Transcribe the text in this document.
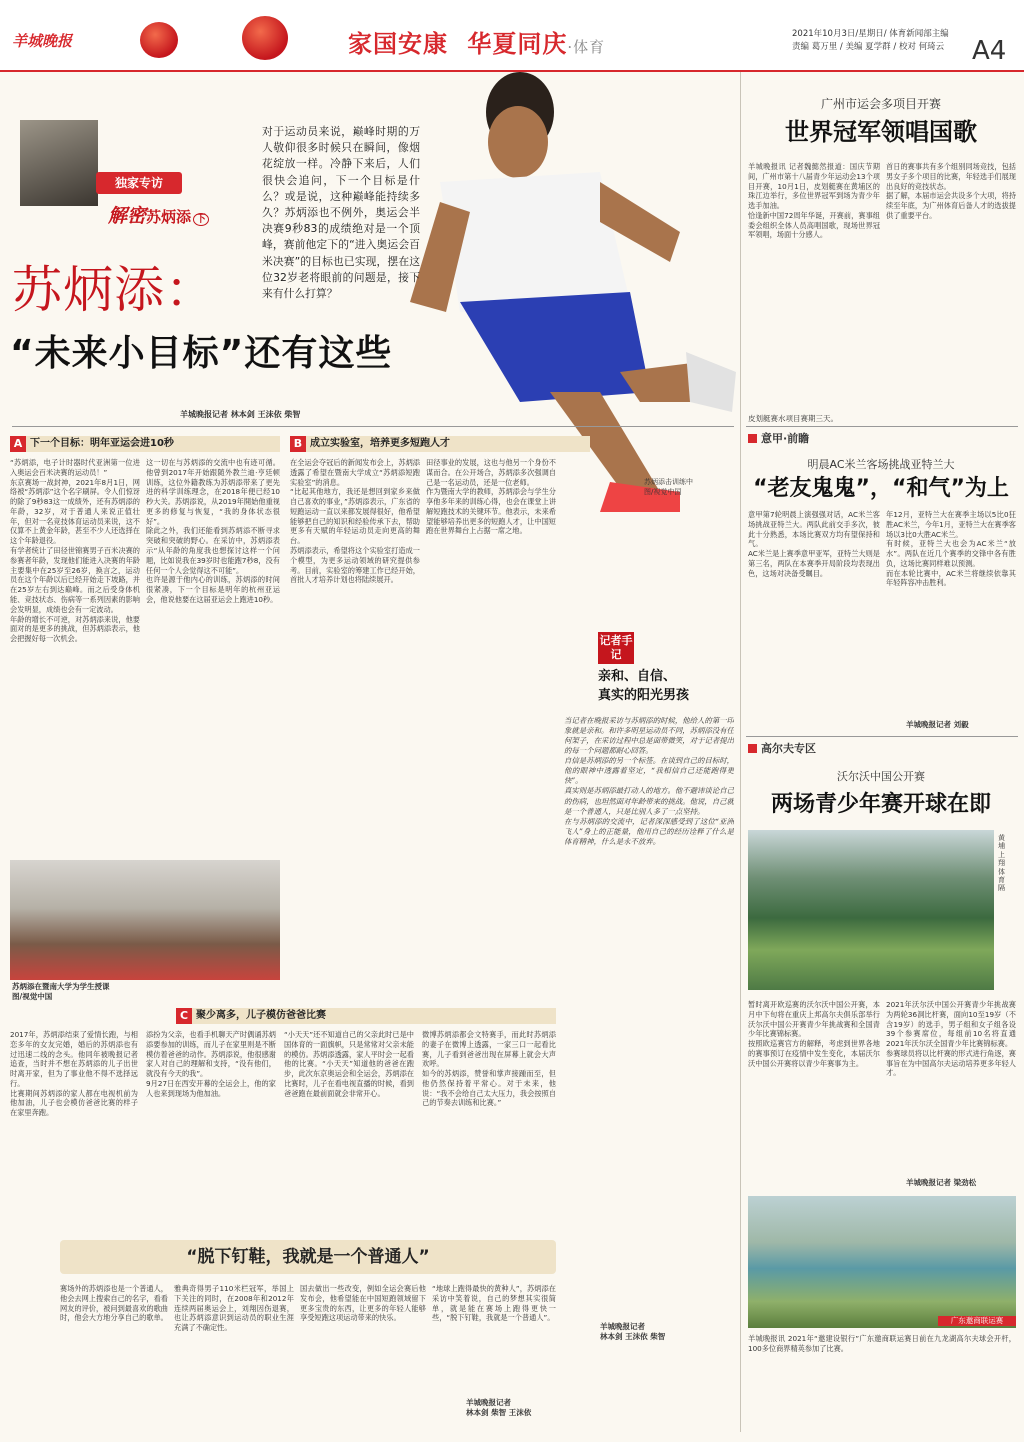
羊城晚报	家国安康 华夏同庆·体育
2021年10月3日/星期日/ 体育新闻部主编
责编 葛万里 / 美编 夏学群 / 校对 何琦云 A4
独家专访
解密苏炳添 下
对于运动员来说，巅峰时期的万人敬仰很多时候只在瞬间，像烟花绽放一样。冷静下来后，人们很快会追问，下一个目标是什么？或是说，这种巅峰能持续多久？苏炳添也不例外，奥运会半决赛9秒83的成绩绝对是一个顶峰，赛前他定下的“进入奥运会百米决赛”的目标也已实现，摆在这位32岁老将眼前的问题是，接下来有什么打算？
苏炳添：
“未来小目标”还有这些
苏炳添击训练中
图/视觉中国
羊城晚报记者 林本剑 王沫依 柴智
A 下一个目标：明年亚运会进10秒
“苏炳添，电子计时器时代亚洲第一位进入奥运会百米决赛的运动员！”
东京赛场一战封神，2021年8月1日，网络被“苏炳添”这个名字刷屏。令人们惊讶的除了9秒83这一成绩外，还有苏炳添的年龄，32岁，对于普通人来说正值壮年，但对一名竞技体育运动员来说，这不仅算不上黄金年龄，甚至不少人还选择在这个年龄退役。
有学者统计了田径世锦赛男子百米决赛的参赛者年龄，发现他们能进入决赛的年龄主要集中在25岁至26岁，换言之，运动员在这个年龄以后已经开始走下坡路，并在25岁左右到达巅峰。而之后受身体机能、竞技状态、伤病等一系列因素的影响会发明显，成绩也会有一定波动。
年龄的增长不可逆，对苏炳添来说，他要面对的是更多的挑战，但苏炳添表示，他会把握好每一次机会。
这一切在与苏炳添的交流中也有迹可循。他曾到2017年开始跟随外教兰迪·亨廷顿训练，这位外籍教练为苏炳添带来了更先进的科学训练理念，在2018年便已经10秒大关。苏炳添说，从2019年開始他重视更多的修复与恢复，“我的身体状态很好”。
除此之外，我们还能看到苏炳添不断寻求突破和突破的野心。在采访中，苏炳添表示“从年龄的角度我也想探讨这样一个问题，比如说我在39岁时也能跑7秒8，没有任何一个人会觉得这不可能”。
也许是源于他内心的训练，苏炳添的时间很紧凑，下一个目标是明年的杭州亚运会，他说他要在这届亚运会上跑进10秒。
苏炳添在暨南大学为学生授课
图/视觉中国
B 成立实验室，培养更多短跑人才
在全运会夺冠后的新闻发布会上，苏炳添透露了希望在暨南大学成立“苏炳添短跑实验室”的消息。
“比起其他地方，我还是想回到家乡来做自己喜欢的事业，”苏炳添表示，广东省的短跑运动一直以来都发展得很好，他希望能够把自己的知识和经验传承下去，帮助更多有天赋的年轻运动员走向更高的舞台。
苏炳添表示，希望将这个实验室打造成一个模型，为更多运动领域的研究提供参考。目前，实验室的筹建工作已经开始，首批人才培养计划也将陆续展开。
田径事业的发展，这也与他另一个身份不谋而合。在公开场合，苏炳添多次强调自己是一名运动员，还是一位老师。
作为暨南大学的教师，苏炳添会与学生分享他多年来的训练心得，也会在课堂上讲解短跑技术的关键环节。他表示，未来希望能够培养出更多的短跑人才，让中国短跑在世界舞台上占据一席之地。
记者手记
亲和、自信、
真实的阳光男孩
当记者在晚报采访与苏炳添的时候，他给人的第一印象就是亲和。和许多明星运动员不同，苏炳添没有任何架子，在采访过程中总是面带微笑，对于记者提出的每一个问题都耐心回答。
自信是苏炳添的另一个标签。在谈到自己的目标时，他的眼神中透露着坚定，“我相信自己还能跑得更快”。
真实则是苏炳添最打动人的地方。他不避讳谈论自己的伤病，也坦然面对年龄带来的挑战。他说，自己就是一个普通人，只是比别人多了一点坚持。
在与苏炳添的交流中，记者深深感受到了这位“亚洲飞人”身上的正能量，他用自己的经历诠释了什么是体育精神，什么是永不放弃。
羊城晚报记者
林本剑 王沫依 柴智
C 聚少离多，儿子模仿爸爸比赛
2017年，苏炳添结束了爱情长跑，与相恋多年的女友完婚，婚后的苏炳添也有过迅速二线的念头。他同年被晚报记者追查，当时并不想在苏炳添的儿子出世时离开家，但为了事业他不得不选择远行。
比赛期间苏炳添的家人都在电视机前为他加油，儿子也会模仿爸爸比赛的样子在家里奔跑。
添扮为父亲，也看手机聊天产时偶诵苏炳添要参加的训练，而儿子在家里则是不断模仿着爸爸的动作。苏炳添说，他很感谢家人对自己的理解和支持，“没有他们，就没有今天的我”。
9月27日在西安开幕的全运会上，他的家人也来到现场为他加油。
“小天天”还不知道自己的父亲此时已是中国体育的一面旗帜，只是常常对父亲未能的模仿。苏炳添透露，家人平时会一起看他的比赛。“小天天”知道他的爸爸在跑步，此次东京奥运会和全运会，苏炳添在比赛时，儿子在看电视直播的时候，看到爸爸跑在最前面就会非常开心。
微博苏炳添都会文特赛手，而此时苏炳添的妻子在微博上透露，一家三口一起看比赛，儿子看到爸爸出现在屏幕上就会大声欢呼。
如今的苏炳添，赞誉和掌声接踵而至，但他仍然保持着平常心。对于未来，他说：“我不会给自己太大压力，我会按照自己的节奏去训练和比赛。”
“脱下钉鞋，我就是一个普通人”
赛场外的苏炳添也是一个普通人，他会去网上搜索自己的名字，看看网友的评价，被问到最喜欢的歌曲时，他会大方地分享自己的歌单。
雅典奇得男子110米栏冠军，举国上下关注的同时，在2008年和2012年连续两届奥运会上，刘翔因伤退赛，也让苏炳添意识到运动员的职业生涯充满了不确定性。
国去做出一些改变，例如全运会赛后他发布会，他希望能在中国短跑领域留下更多宝贵的东西，让更多的年轻人能够享受短跑这项运动带来的快乐。
“地球上跑得最快的黄种人”，苏炳添在采访中笑着说，自己的梦想其实很简单，就是能在赛场上跑得更快一些，“脱下钉鞋，我就是一个普通人”。
羊城晚报记者
林本剑 柴智 王沫依
广州市运会多项目开赛
世界冠军领唱国歌
羊城晚报讯 记者魏懿然报道：国庆节期间，广州市第十八届青少年运动会13个项目开赛，10月1日，皮划艇赛在黄埔区的珠江边举行，多位世界冠军到场为青少年选手加油。
恰逢新中国72周年华诞，开赛前，赛事组委会组织全体人员高唱国歌，现场世界冠军领唱，场面十分感人。
首日的赛事共有多个组别同场竞技，包括男女子多个项目的比赛，年轻选手们展现出良好的竞技状态。
据了解，本届市运会共设多个大项，将持续至年底，为广州体育后备人才的选拔提供了重要平台。
皮划艇赛水项目赛期三天。
意甲·前瞻
明晨AC米兰客场挑战亚特兰大
“老友鬼鬼”，“和气”为上
意甲第7轮明晨上演强强对话，AC米兰客场挑战亚特兰大。两队此前交手多次，彼此十分熟悉，本场比赛双方均有望保持和气。
AC米兰是上赛季意甲亚军，亚特兰大则是第三名，两队在本赛季开局阶段均表现出色，这场对决备受瞩目。
年12月，亚特兰大在赛季主场以5比0狂胜AC米兰，今年1月，亚特兰大在赛季客场以3比0大胜AC米兰。
有时候，亚特兰大也会为AC米兰“放水”。两队在近几个赛季的交锋中各有胜负，这场比赛同样难以预测。
而在本轮比赛中，AC米兰将继续依靠其年轻阵容冲击胜利。
羊城晚报记者 刘毅
高尔夫专区
沃尔沃中国公开赛
两场青少年赛开球在即
黄埔上翔体育隔
暂时离开欧巡赛的沃尔沃中国公开赛，本月中下旬将在重庆上邦高尔夫俱乐部举行沃尔沃中国公开赛青少年挑战赛和全国青少年比赛锦标赛。
按照欧巡赛官方的解释，考虑到世界各地的赛事预订在疫情中发生变化，本届沃尔沃中国公开赛将以青少年赛事为主。
2021年沃尔沃中国公开赛青少年挑战赛为两轮36洞比杆赛，面向10至19岁（不含19岁）的选手，男子组和女子组各设39个参赛席位，每组前10名将直通2021年沃尔沃全国青少年比赛锦标赛。
参赛球员将以比杆赛的形式进行角逐，赛事旨在为中国高尔夫运动培养更多年轻人才。
羊城晚报记者 梁劲松
广东邀商联运赛
羊城晚报讯 2021年“邀建设银行”广东邀商联运赛日前在九龙湖高尔夫球会开杆，100多位商界精英参加了比赛。
